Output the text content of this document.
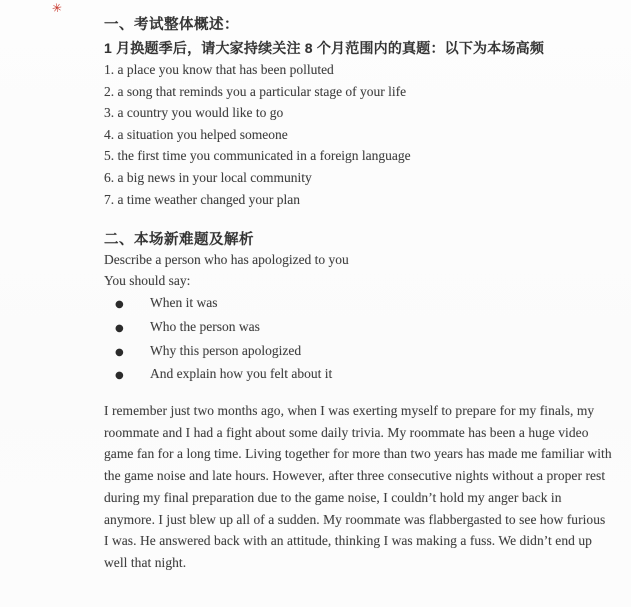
✳
一、考试整体概述：
1 月换题季后，请大家持续关注 8 个月范围内的真题：以下为本场高频
1. a place you know that has been polluted
2. a song that reminds you a particular stage of your life
3. a country you would like to go
4. a situation you helped someone
5. the first time you communicated in a foreign language
6. a big news in your local community
7. a time weather changed your plan
二、本场新难题及解析
Describe a person who has apologized to you
You should say:
●	When it was
●	Who the person was
●	Why this person apologized
●	And explain how you felt about it
I remember just two months ago, when I was exerting myself to prepare for my finals, my
roommate and I had a fight about some daily trivia. My roommate has been a huge video
game fan for a long time. Living together for more than two years has made me familiar with
the game noise and late hours. However, after three consecutive nights without a proper rest
during my final preparation due to the game noise, I couldn’t hold my anger back in
anymore. I just blew up all of a sudden. My roommate was flabbergasted to see how furious
I was. He answered back with an attitude, thinking I was making a fuss. We didn’t end up
well that night.
